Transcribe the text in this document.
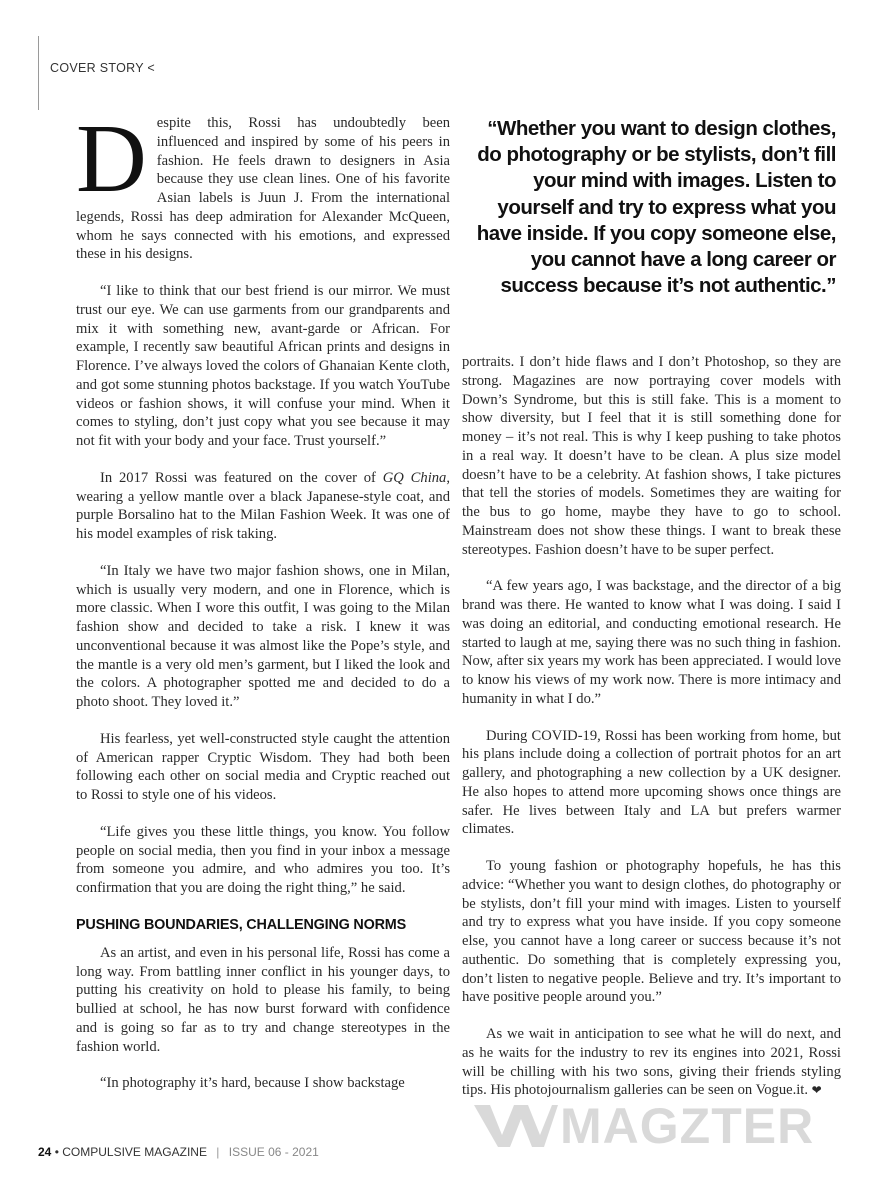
COVER STORY <

Despite this, Rossi has undoubtedly been influenced and inspired by some of his peers in fashion. He feels drawn to designers in Asia because they use clean lines. One of his favorite Asian labels is Juun J. From the international legends, Rossi has deep admiration for Alexander McQueen, whom he says connected with his emotions, and expressed these in his designs.

“I like to think that our best friend is our mirror. We must trust our eye. We can use garments from our grandparents and mix it with something new, avant-garde or African. For example, I recently saw beautiful African prints and designs in Florence. I’ve always loved the colors of Ghanaian Kente cloth, and got some stunning photos backstage. If you watch YouTube videos or fashion shows, it will confuse your mind. When it comes to styling, don’t just copy what you see because it may not fit with your body and your face. Trust yourself.”

In 2017 Rossi was featured on the cover of GQ China, wearing a yellow mantle over a black Japanese-style coat, and purple Borsalino hat to the Milan Fashion Week. It was one of his model examples of risk taking.

“In Italy we have two major fashion shows, one in Milan, which is usually very modern, and one in Florence, which is more classic. When I wore this outfit, I was going to the Milan fashion show and decided to take a risk. I knew it was unconventional because it was almost like the Pope’s style, and the mantle is a very old men’s garment, but I liked the look and the colors. A photographer spotted me and decided to do a photo shoot. They loved it.”

His fearless, yet well-constructed style caught the attention of American rapper Cryptic Wisdom. They had both been following each other on social media and Cryptic reached out to Rossi to style one of his videos.

“Life gives you these little things, you know. You follow people on social media, then you find in your inbox a message from someone you admire, and who admires you too. It’s confirmation that you are doing the right thing,” he said.

PUSHING BOUNDARIES, CHALLENGING NORMS

As an artist, and even in his personal life, Rossi has come a long way. From battling inner conflict in his younger days, to putting his creativity on hold to please his family, to being bullied at school, he has now burst forward with confidence and is going so far as to try and change stereotypes in the fashion world.

“In photography it’s hard, because I show backstage

“Whether you want to design clothes, do photography or be stylists, don’t fill your mind with images. Listen to yourself and try to express what you have inside. If you copy someone else, you cannot have a long career or success because it’s not authentic.”

portraits. I don’t hide flaws and I don’t Photoshop, so they are strong. Magazines are now portraying cover models with Down’s Syndrome, but this is still fake. This is a moment to show diversity, but I feel that it is still something done for money – it’s not real. This is why I keep pushing to take photos in a real way. It doesn’t have to be clean. A plus size model doesn’t have to be a celebrity. At fashion shows, I take pictures that tell the stories of models. Sometimes they are waiting for the bus to go home, maybe they have to go to school. Mainstream does not show these things. I want to break these stereotypes. Fashion doesn’t have to be super perfect.

“A few years ago, I was backstage, and the director of a big brand was there. He wanted to know what I was doing. I said I was doing an editorial, and conducting emotional research. He started to laugh at me, saying there was no such thing in fashion. Now, after six years my work has been appreciated. I would love to know his views of my work now. There is more intimacy and humanity in what I do.”

During COVID-19, Rossi has been working from home, but his plans include doing a collection of portrait photos for an art gallery, and photographing a new collection by a UK designer. He also hopes to attend more upcoming shows once things are safer. He lives between Italy and LA but prefers warmer climates.

To young fashion or photography hopefuls, he has this advice: “Whether you want to design clothes, do photography or be stylists, don’t fill your mind with images. Listen to yourself and try to express what you have inside. If you copy someone else, you cannot have a long career or success because it’s not authentic. Do something that is completely expressing you, don’t listen to negative people. Believe and try. It’s important to have positive people around you.”

As we wait in anticipation to see what he will do next, and as he waits for the industry to rev its engines into 2021, Rossi will be chilling with his two sons, giving their friends styling tips. His photojournalism galleries can be seen on Vogue.it. ❤

24 • COMPULSIVE MAGAZINE | ISSUE 06 - 2021	MAGZTER
